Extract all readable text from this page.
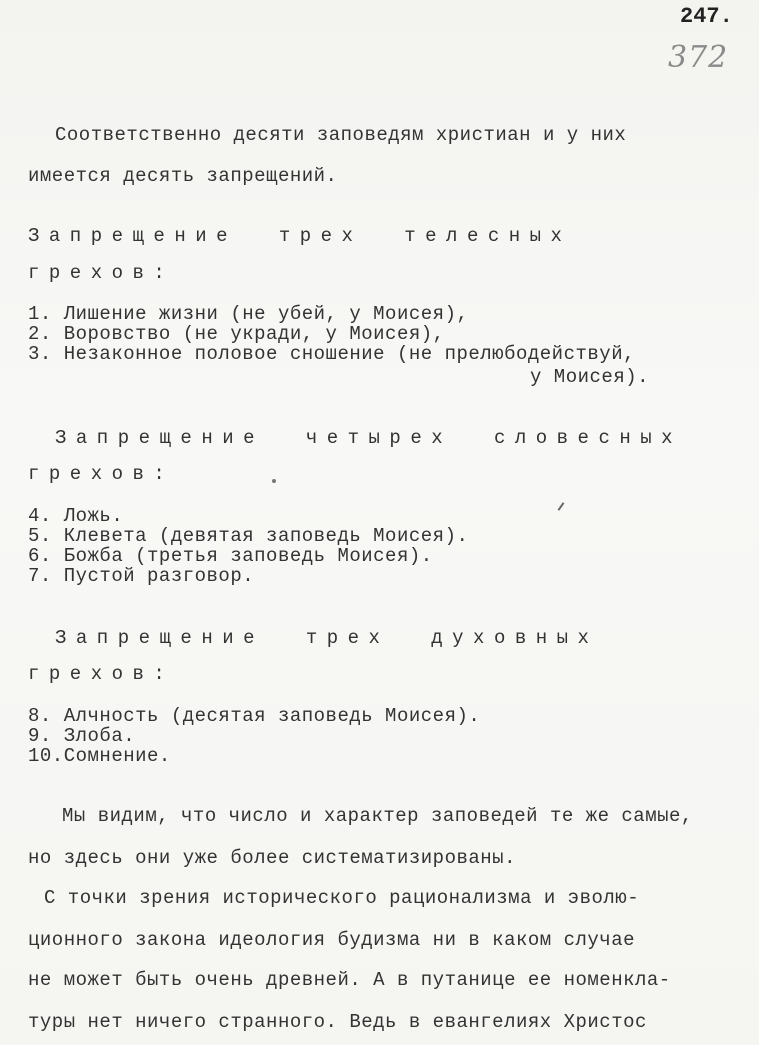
247.
372
Соответственно десяти заповедям христиан и у них
имеется десять запрещений.
Запрещение  трех  телесных
грехов:
1. Лишение жизни (не убей, у Моисея),
2. Воровство (не укради, у Моисея),
3. Незаконное половое сношение (не прелюбодействуй,
у Моисея).
Запрещение  четырех  словесных
грехов:
4. Ложь.
5. Клевета (девятая заповедь Моисея).
6. Божба (третья заповедь Моисея).
7. Пустой разговор.
Запрещение  трех  духовных
грехов:
8. Алчность (десятая заповедь Моисея).
9. Злоба.
10.Сомнение.
Мы видим, что число и характер заповедей те же самые,
но здесь они уже более систематизированы.
С точки зрения исторического рационализма и эволю-
ционного закона идеология будизма ни в каком случае
не может быть очень древней. А в путанице ее номенкла-
туры нет ничего странного. Ведь в евангелиях Христос
